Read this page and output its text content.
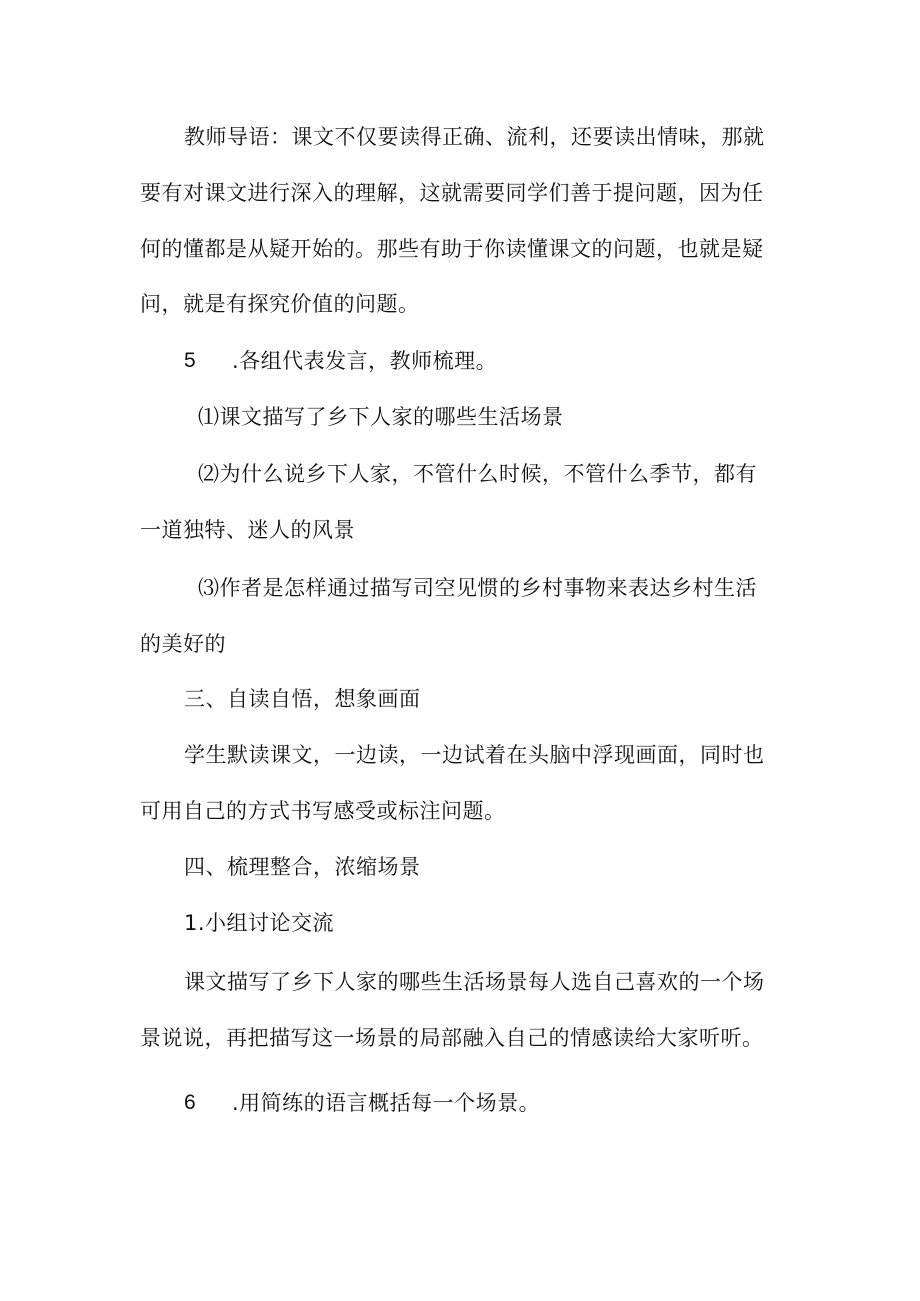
教师导语：课文不仅要读得正确、流利，还要读出情味，那就
要有对课文进行深入的理解，这就需要同学们善于提问题，因为任
何的懂都是从疑开始的。那些有助于你读懂课文的问题，也就是疑
问，就是有探究价值的问题。
5 .各组代表发言，教师梳理。
⑴课文描写了乡下人家的哪些生活场景
⑵为什么说乡下人家，不管什么时候，不管什么季节，都有
一道独特、迷人的风景
⑶作者是怎样通过描写司空见惯的乡村事物来表达乡村生活
的美好的
三、自读自悟，想象画面
学生默读课文，一边读，一边试着在头脑中浮现画面，同时也
可用自己的方式书写感受或标注问题。
四、梳理整合，浓缩场景
1.小组讨论交流
课文描写了乡下人家的哪些生活场景每人选自己喜欢的一个场
景说说，再把描写这一场景的局部融入自己的情感读给大家听听。
6 .用简练的语言概括每一个场景。
